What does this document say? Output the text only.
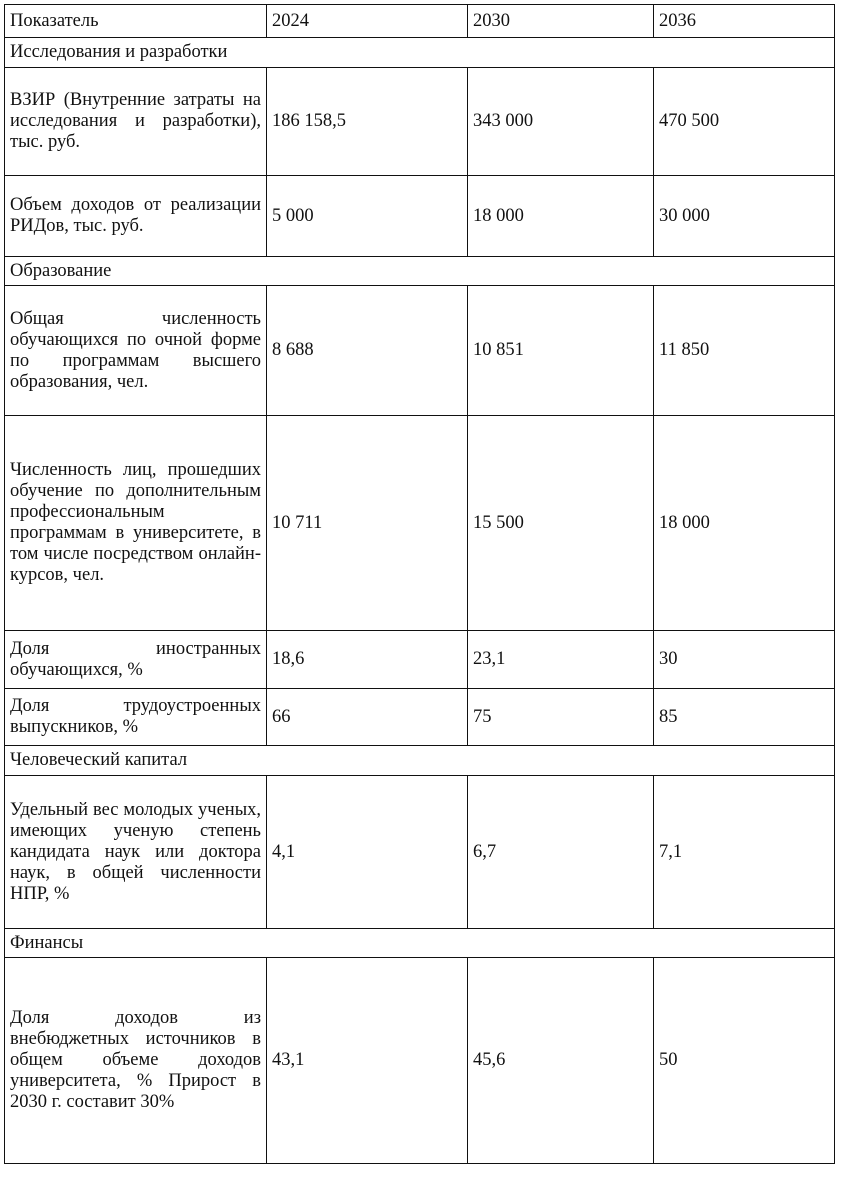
Показатель	2024	2030	2036
Исследования и разработки			
ВЗИР (Внутренние затраты на исследования и разработки), тыс. руб.	186 158,5	343 000	470 500
Объем доходов от реализации РИДов, тыс. руб.	5 000	18 000	30 000
Образование			
Общая численность обучающихся по очной форме по программам высшего образования, чел.	8 688	10 851	11 850
Численность лиц, прошедших обучение по дополнительным профессиональным программам в университете, в том числе посредством онлайн- курсов, чел.	10 711	15 500	18 000
Доля иностранных обучающихся, %	18,6	23,1	30
Доля трудоустроенных выпускников, %	66	75	85
Человеческий капитал			
Удельный вес молодых ученых, имеющих ученую степень кандидата наук или доктора наук, в общей численности НПР, %	4,1	6,7	7,1
Финансы			
Доля доходов из внебюджетных источников в общем объеме доходов университета, % Прирост в 2030 г. составит 30%	43,1	45,6	50
